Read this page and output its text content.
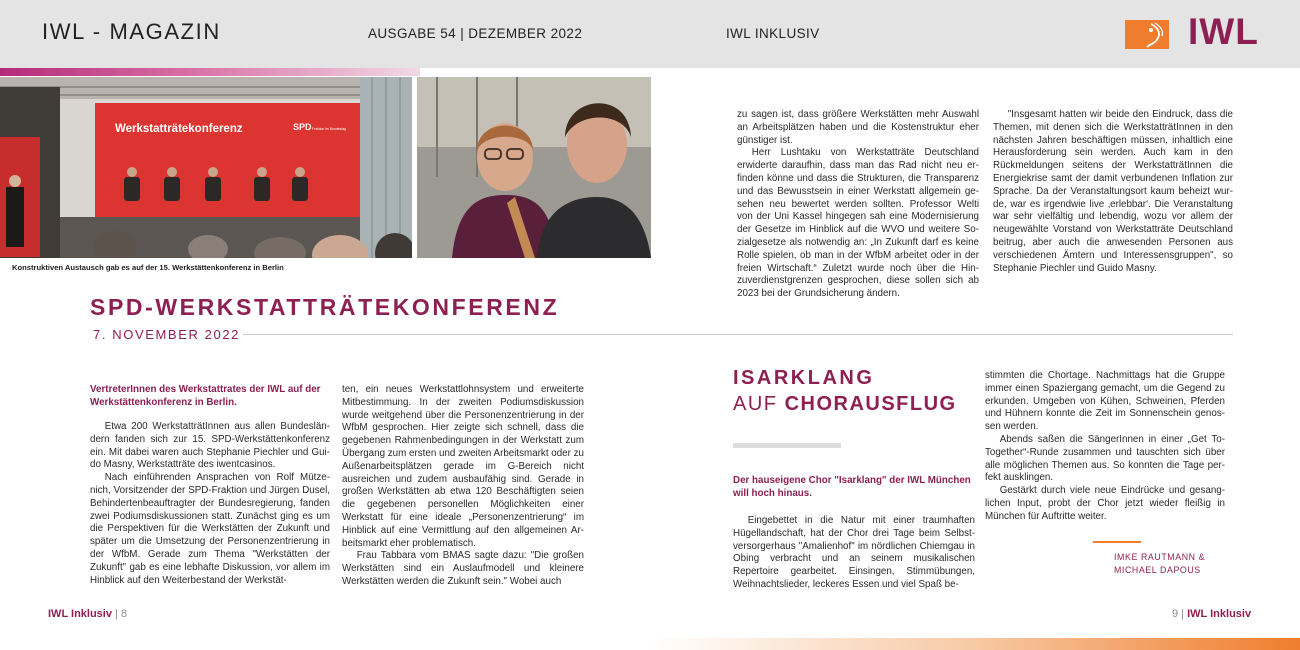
IWL - MAGAZIN	AUSGABE 54 | DEZEMBER 2022	IWL INKLUSIV	IWL
Werkstatträtekonferenz	SPD Fraktion im Bundestag
Konstruktiven Austausch gab es auf der 15. Werkstättenkonferenz in Berlin
SPD-WERKSTATTRÄTEKONFERENZ
7. NOVEMBER 2022
VertreterInnen des Werkstattrates der IWL auf der Werkstättenkonferenz in Berlin.

Etwa 200 WerkstatträtInnen aus allen Bundesländern fanden sich zur 15. SPD-Werkstättenkonferenz ein. Mit dabei waren auch Stephanie Piechler und Guido Masny, Werkstatträte des iwentcasinos.

Nach einführenden Ansprachen von Rolf Mützenich, Vorsitzender der SPD-Fraktion und Jürgen Dusel, Behindertenbeauftragter der Bundesregierung, fanden zwei Podiumsdiskussionen statt. Zunächst ging es um die Perspektiven für die Werkstätten der Zukunft und später um die Umsetzung der Personenzentrierung in der WfbM. Gerade zum Thema "Werkstätten der Zukunft" gab es eine lebhafte Diskussion, vor allem im Hinblick auf den Weiterbestand der Werkstät-

ten, ein neues Werkstattlohnsystem und erweiterte Mitbestimmung. In der zweiten Podiumsdiskussion wurde weitgehend über die Personenzentrierung in der WfbM gesprochen. Hier zeigte sich schnell, dass die gegebenen Rahmenbedingungen in der Werkstatt zum Übergang zum ersten und zweiten Arbeitsmarkt oder zu Außenarbeitsplätzen gerade im G-Bereich nicht ausreichen und zudem ausbaufähig sind. Gerade in großen Werkstätten ab etwa 120 Beschäftigten seien die gegebenen personellen Möglichkeiten einer Werkstatt für eine ideale „Personenzentrierung“ im Hinblick auf eine Vermittlung auf den allgemeinen Arbeitsmarkt eher problematisch.

Frau Tabbara vom BMAS sagte dazu: "Die großen Werkstätten sind ein Auslaufmodell und kleinere Werkstätten werden die Zukunft sein." Wobei auch

zu sagen ist, dass größere Werkstätten mehr Auswahl an Arbeitsplätzen haben und die Kostenstruktur eher günstiger ist.

Herr Lushtaku von Werkstatträte Deutschland erwiderte daraufhin, dass man das Rad nicht neu erfinden könne und dass die Strukturen, die Transparenz und das Bewusstsein in einer Werkstatt allgemein gesehen neu bewertet werden sollten. Professor Welti von der Uni Kassel hingegen sah eine Modernisierung der Gesetze im Hinblick auf die WVO und weitere Sozialgesetze als notwendig an: „In Zukunft darf es keine Rolle spielen, ob man in der WfbM arbeitet oder in der freien Wirtschaft.“ Zuletzt wurde noch über die Hinzuverdienstgrenzen gesprochen, diese sollen sich ab 2023 bei der Grundsicherung ändern.

"Insgesamt hatten wir beide den Eindruck, dass die Themen, mit denen sich die WerkstatträtInnen in den nächsten Jahren beschäftigen müssen, inhaltlich eine Herausforderung sein werden. Auch kam in den Rückmeldungen seitens der WerkstatträtInnen die Energiekrise samt der damit verbundenen Inflation zur Sprache. Da der Veranstaltungsort kaum beheizt wurde, war es irgendwie live ‚erlebbar‘. Die Veranstaltung war sehr vielfältig und lebendig, wozu vor allem der neugewählte Vorstand von Werkstatträte Deutschland beitrug, aber auch die anwesenden Personen aus verschiedenen Ämtern und Interessensgruppen", so Stephanie Piechler und Guido Masny.

ISARKLANG
AUF CHORAUSFLUG
Der hauseigene Chor "Isarklang" der IWL München will hoch hinaus.

Eingebettet in die Natur mit einer traumhaften Hügellandschaft, hat der Chor drei Tage beim Selbstversorgerhaus "Amalienhof" im nördlichen Chiemgau in Obing verbracht und an seinem musikalischen Repertoire gearbeitet. Einsingen, Stimmübungen, Weihnachtslieder, leckeres Essen und viel Spaß be-

stimmten die Chortage. Nachmittags hat die Gruppe immer einen Spaziergang gemacht, um die Gegend zu erkunden. Umgeben von Kühen, Schweinen, Pferden und Hühnern konnte die Zeit im Sonnenschein genossen werden.

Abends saßen die SängerInnen in einer „Get ToTogether“-Runde zusammen und tauschten sich über alle möglichen Themen aus. So konnten die Tage perfekt ausklingen.

Gestärkt durch viele neue Eindrücke und gesanglichen Input, probt der Chor jetzt wieder fleißig in München für Auftritte weiter.

IMKE RAUTMANN &
MICHAEL DAPOUS
IWL Inklusiv | 8	9 | IWL Inklusiv
